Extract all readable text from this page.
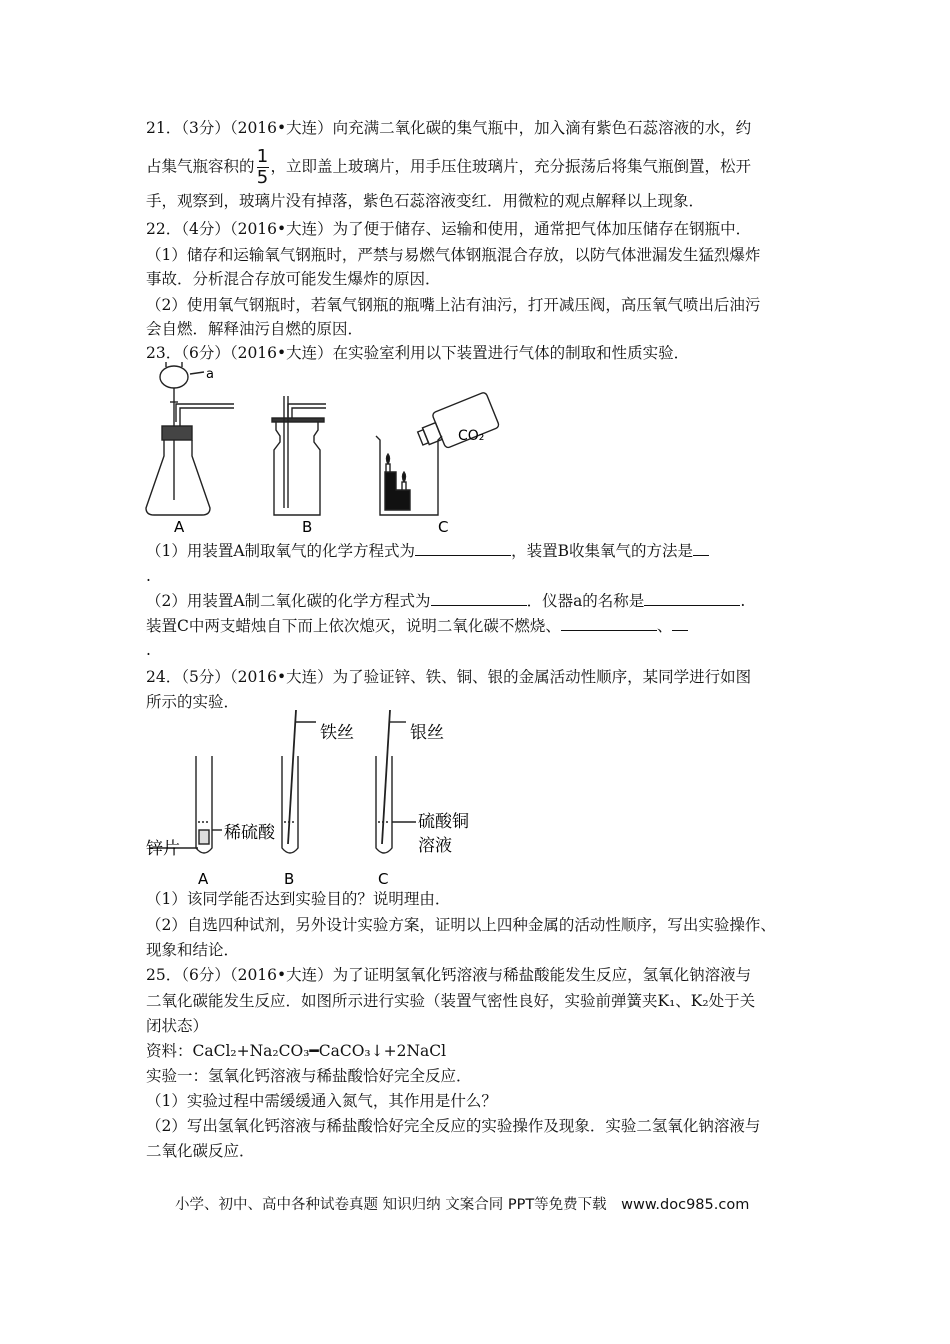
21．（3分）（2016•大连）向充满二氧化碳的集气瓶中，加入滴有紫色石蕊溶液的水，约
占集气瓶容积的 $\frac{1}{5}$ ，立即盖上玻璃片，用手压住玻璃片，充分振荡后将集气瓶倒置，松开
手，观察到，玻璃片没有掉落，紫色石蕊溶液变红．用微粒的观点解释以上现象．
22．（4分）（2016•大连）为了便于储存、运输和使用，通常把气体加压储存在钢瓶中．
（1）储存和运输氧气钢瓶时，严禁与易燃气体钢瓶混合存放，以防气体泄漏发生猛烈爆炸
事故．分析混合存放可能发生爆炸的原因．
（2）使用氧气钢瓶时，若氧气钢瓶的瓶嘴上沾有油污，打开减压阀，高压氧气喷出后油污
会自燃．解释油污自燃的原因．
23．（6分）（2016•大连）在实验室利用以下装置进行气体的制取和性质实验．
a
CO₂
A	B	C
（1）用装置A制取氧气的化学方程式为	，装置B收集氧气的方法是
.
（2）用装置A制二氧化碳的化学方程式为	．仪器a的名称是	.
装置C中两支蜡烛自下而上依次熄灭，说明二氧化碳不燃烧、	、
.
24．（5分）（2016•大连）为了验证锌、铁、铜、银的金属活动性顺序，某同学进行如图
所示的实验．
铁丝	银丝
稀硫酸
锌片
硫酸铜
溶液
A	B	C
（1）该同学能否达到实验目的？说明理由．
（2）自选四种试剂，另外设计实验方案，证明以上四种金属的活动性顺序，写出实验操作、
现象和结论．
25．（6分）（2016•大连）为了证明氢氧化钙溶液与稀盐酸能发生反应，氢氧化钠溶液与
二氧化碳能发生反应．如图所示进行实验（装置气密性良好，实验前弹簧夹K₁、K₂处于关
闭状态）
资料：CaCl₂+Na₂CO₃━CaCO₃↓+2NaCl
实验一：氢氧化钙溶液与稀盐酸恰好完全反应．
（1）实验过程中需缓缓通入氮气，其作用是什么？
（2）写出氢氧化钙溶液与稀盐酸恰好完全反应的实验操作及现象．实验二氢氧化钠溶液与
二氧化碳反应．
小学、初中、高中各种试卷真题 知识归纳 文案合同 PPT等免费下载　www.doc985.com
